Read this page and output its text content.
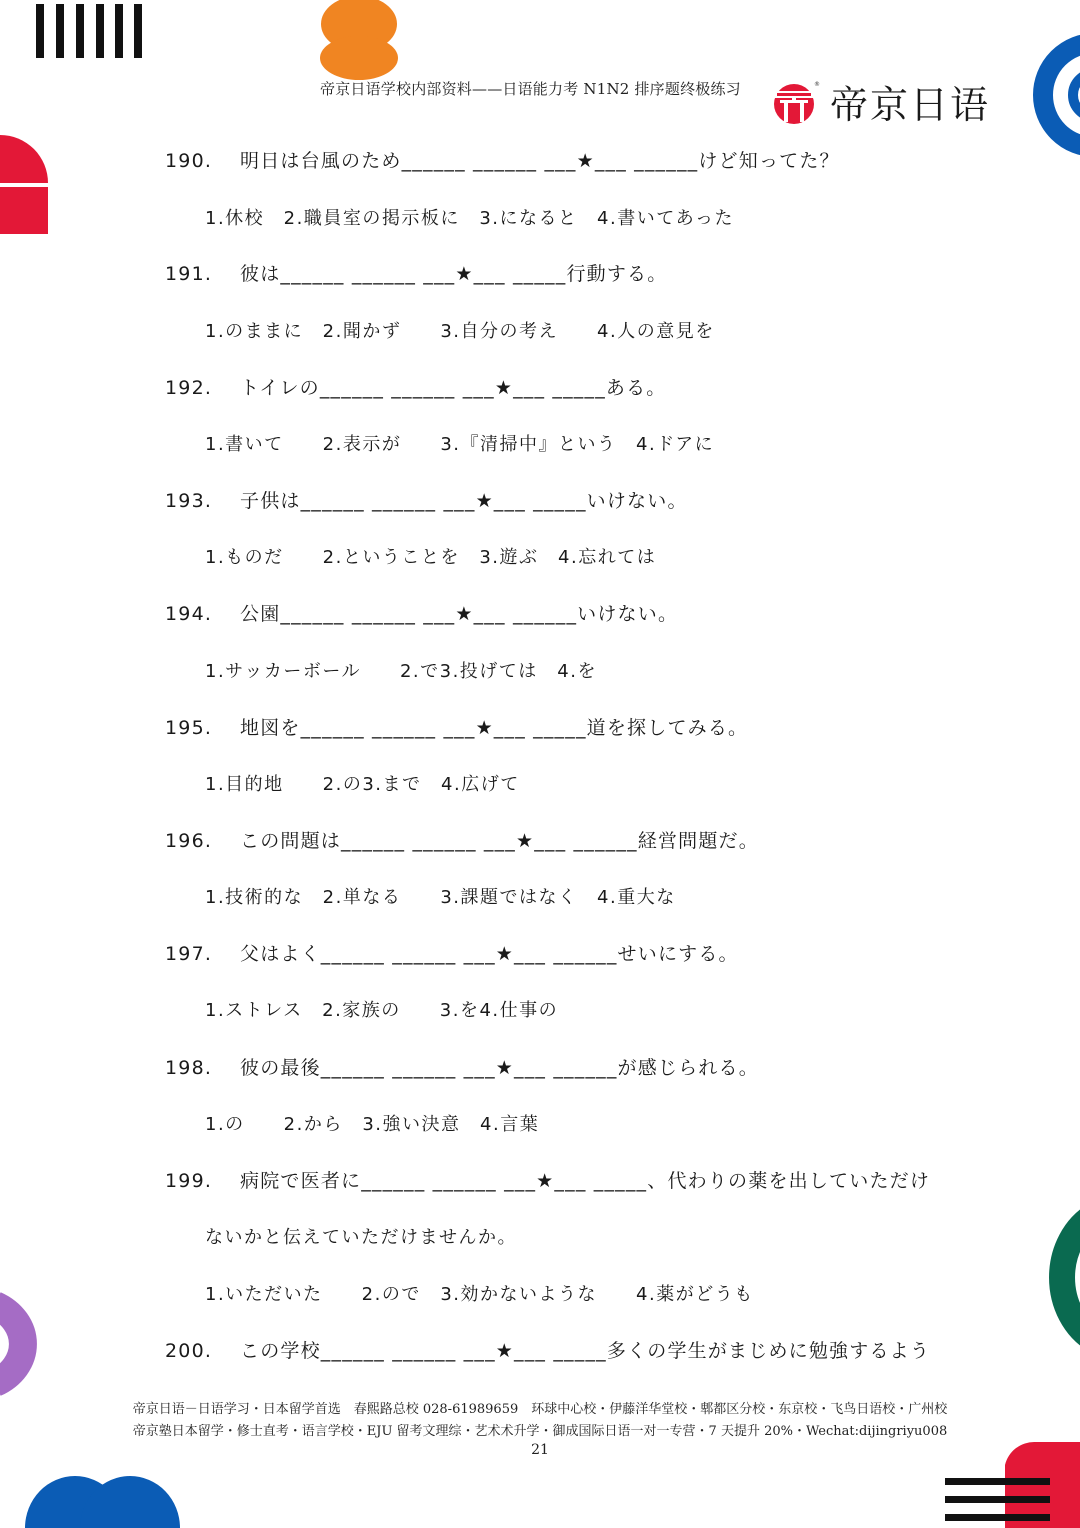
帝京日语学校内部资料——日语能力考 N1N2 排序题终极练习	® 帝京日语
190. 明日は台風のため______ ______ ___★___ ______けど知ってた？
1.休校　2.職員室の掲示板に　3.になると　4.書いてあった
191. 彼は______ ______ ___★___ _____行動する。
1.のままに　2.聞かず　　3.自分の考え　　4.人の意見を
192. トイレの______ ______ ___★___ _____ある。
1.書いて　　2.表示が　　3.『清掃中』という　4.ドアに
193. 子供は______ ______ ___★___ _____いけない。
1.ものだ　　2.ということを　3.遊ぶ　4.忘れては
194. 公園______ ______ ___★___ ______いけない。
1.サッカーボール　　2.で3.投げては　4.を
195. 地図を______ ______ ___★___ _____道を探してみる。
1.目的地　　2.の3.まで　4.広げて
196. この問題は______ ______ ___★___ ______経営問題だ。
1.技術的な　2.単なる　　3.課題ではなく　4.重大な
197. 父はよく______ ______ ___★___ ______せいにする。
1.ストレス　2.家族の　　3.を4.仕事の
198. 彼の最後______ ______ ___★___ ______が感じられる。
1.の　　2.から　3.強い決意　4.言葉
199. 病院で医者に______ ______ ___★___ _____、代わりの薬を出していただけ
ないかと伝えていただけませんか。
1.いただいた　　2.ので　3.効かないような　　4.薬がどうも
200. この学校______ ______ ___★___ _____多くの学生がまじめに勉強するよう
帝京日语－日语学习・日本留学首选　春熙路总校 028-61989659　环球中心校・伊藤洋华堂校・郫都区分校・东京校・飞鸟日语校・广州校
帝京塾日本留学・修士直考・语言学校・EJU 留考文理综・艺术术升学・御成国际日语一对一专营・7 天提升 20%・Wechat:dijingriyu008
21
